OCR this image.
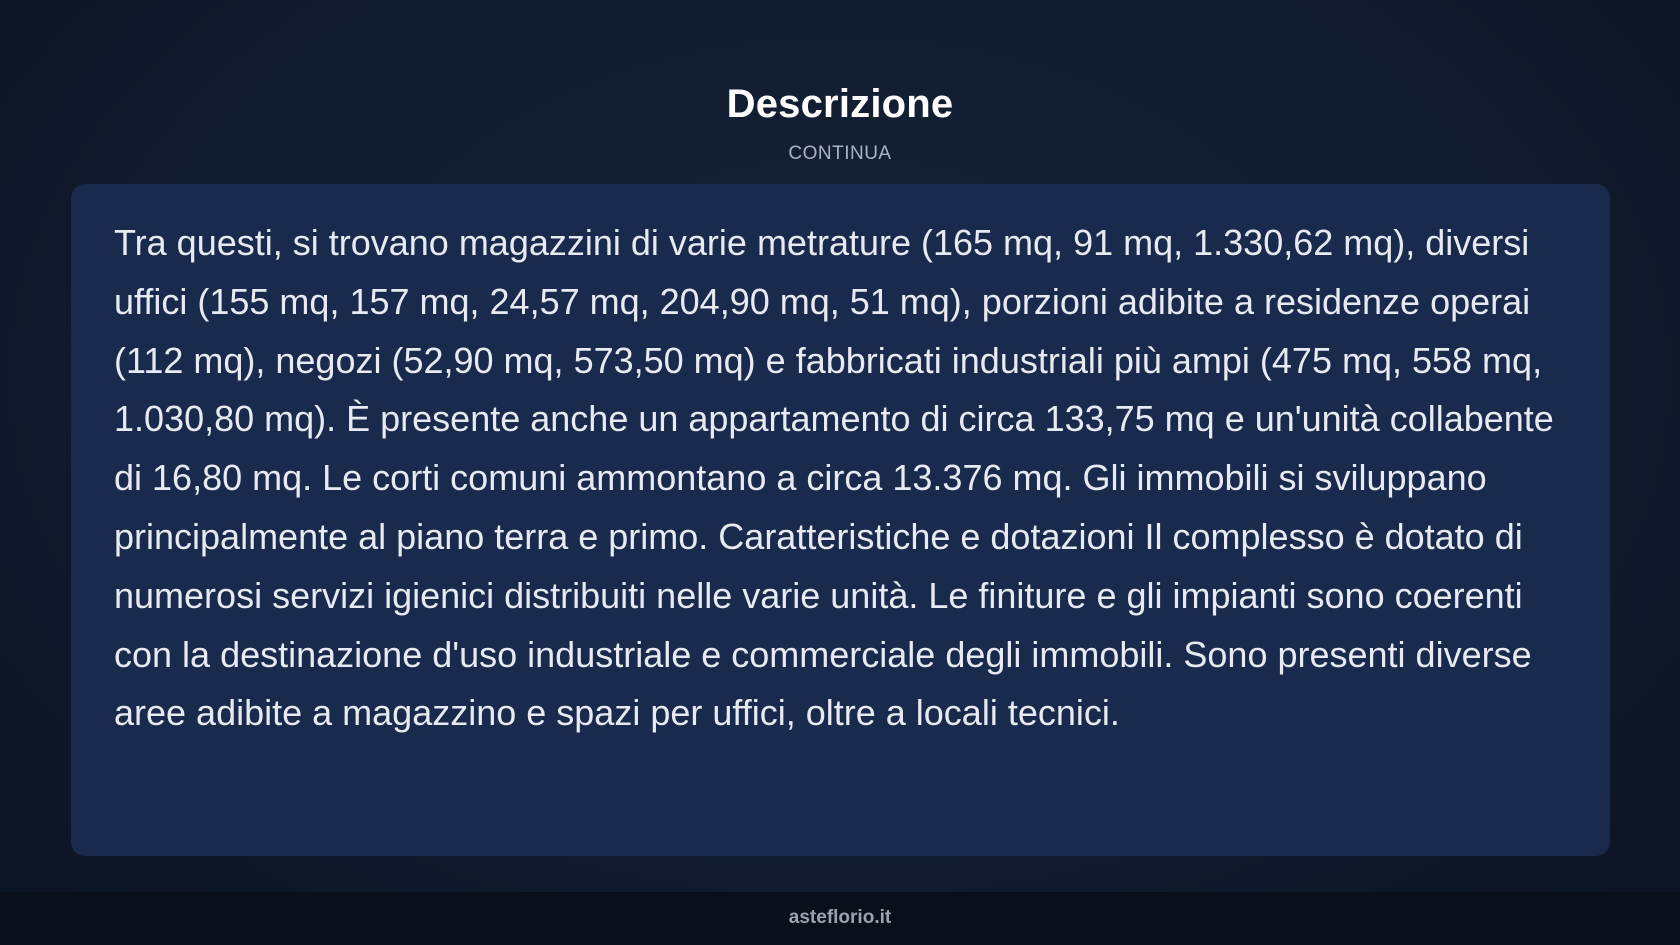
Descrizione
CONTINUA

Tra questi, si trovano magazzini di varie metrature (165 mq, 91 mq, 1.330,62 mq), diversi uffici (155 mq, 157 mq, 24,57 mq, 204,90 mq, 51 mq), porzioni adibite a residenze operai (112 mq), negozi (52,90 mq, 573,50 mq) e fabbricati industriali più ampi (475 mq, 558 mq, 1.030,80 mq). È presente anche un appartamento di circa 133,75 mq e un'unità collabente di 16,80 mq. Le corti comuni ammontano a circa 13.376 mq. Gli immobili si sviluppano principalmente al piano terra e primo. Caratteristiche e dotazioni Il complesso è dotato di numerosi servizi igienici distribuiti nelle varie unità. Le finiture e gli impianti sono coerenti con la destinazione d'uso industriale e commerciale degli immobili. Sono presenti diverse aree adibite a magazzino e spazi per uffici, oltre a locali tecnici.

asteflorio.it
